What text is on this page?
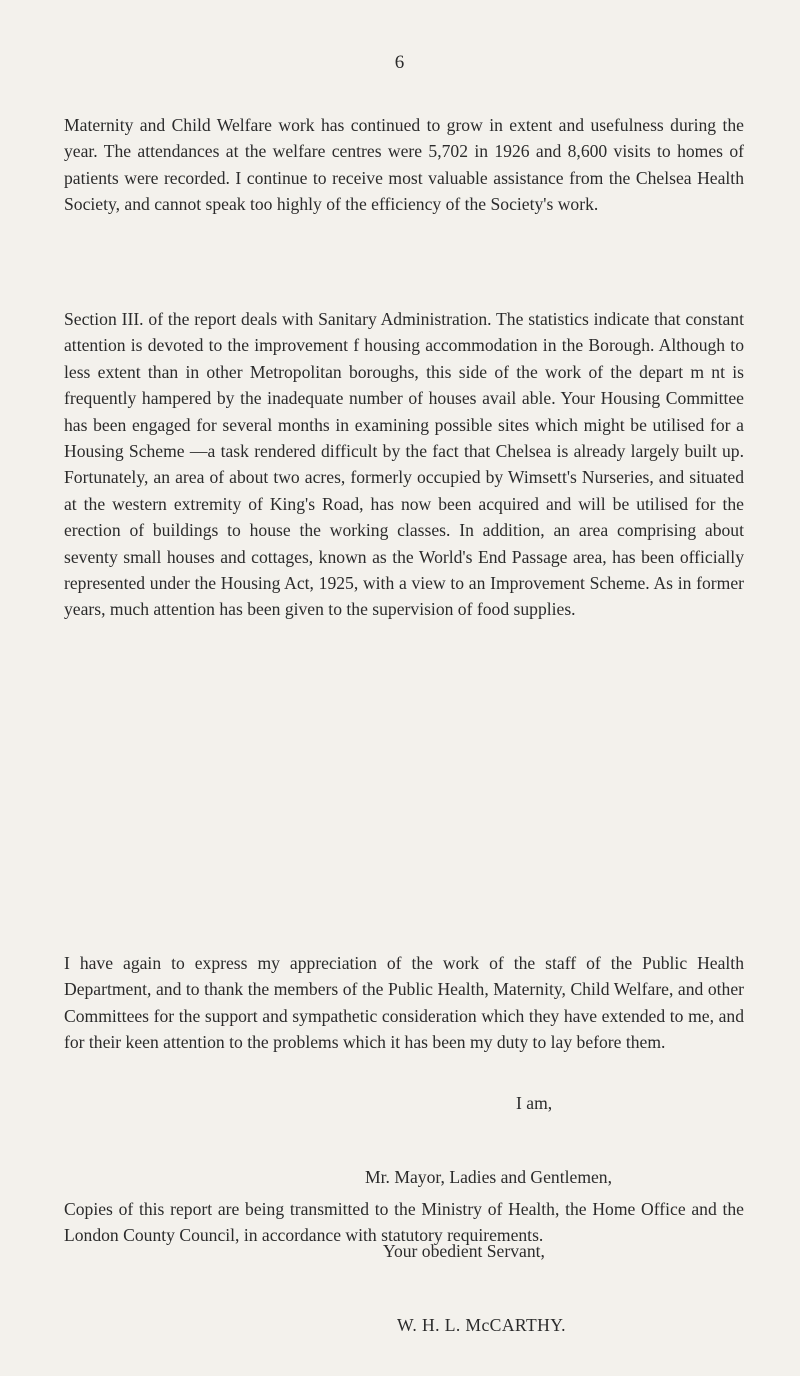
6

Maternity and Child Welfare work has continued to grow in extent and usefulness during the year. The attendances at the welfare centres were 5,702 in 1926 and 8,600 visits to homes of patients were recorded. I continue to receive most valuable assistance from the Chelsea Health Society, and cannot speak too highly of the efficiency of the Society's work.

Section III. of the report deals with Sanitary Administration. The statistics indicate that constant attention is devoted to the improvement f housing accommodation in the Borough. Although to less extent than in other Metropolitan boroughs, this side of the work of the depart m nt is frequently hampered by the inadequate number of houses avail able. Your Housing Committee has been engaged for several months in examining possible sites which might be utilised for a Housing Scheme —a task rendered difficult by the fact that Chelsea is already largely built up. Fortunately, an area of about two acres, formerly occupied by Wimsett's Nurseries, and situated at the western extremity of King's Road, has now been acquired and will be utilised for the erection of buildings to house the working classes. In addition, an area comprising about seventy small houses and cottages, known as the World's End Passage area, has been officially represented under the Housing Act, 1925, with a view to an Improvement Scheme. As in former years, much attention has been given to the supervision of food supplies.

I have again to express my appreciation of the work of the staff of the Public Health Department, and to thank the members of the Public Health, Maternity, Child Welfare, and other Committees for the support and sympathetic consideration which they have extended to me, and for their keen attention to the problems which it has been my duty to lay before them.

Copies of this report are being transmitted to the Ministry of Health, the Home Office and the London County Council, in accordance with statutory requirements.

I am,
Mr. Mayor, Ladies and Gentlemen,
Your obedient Servant,
W. H. L. McCARTHY.
